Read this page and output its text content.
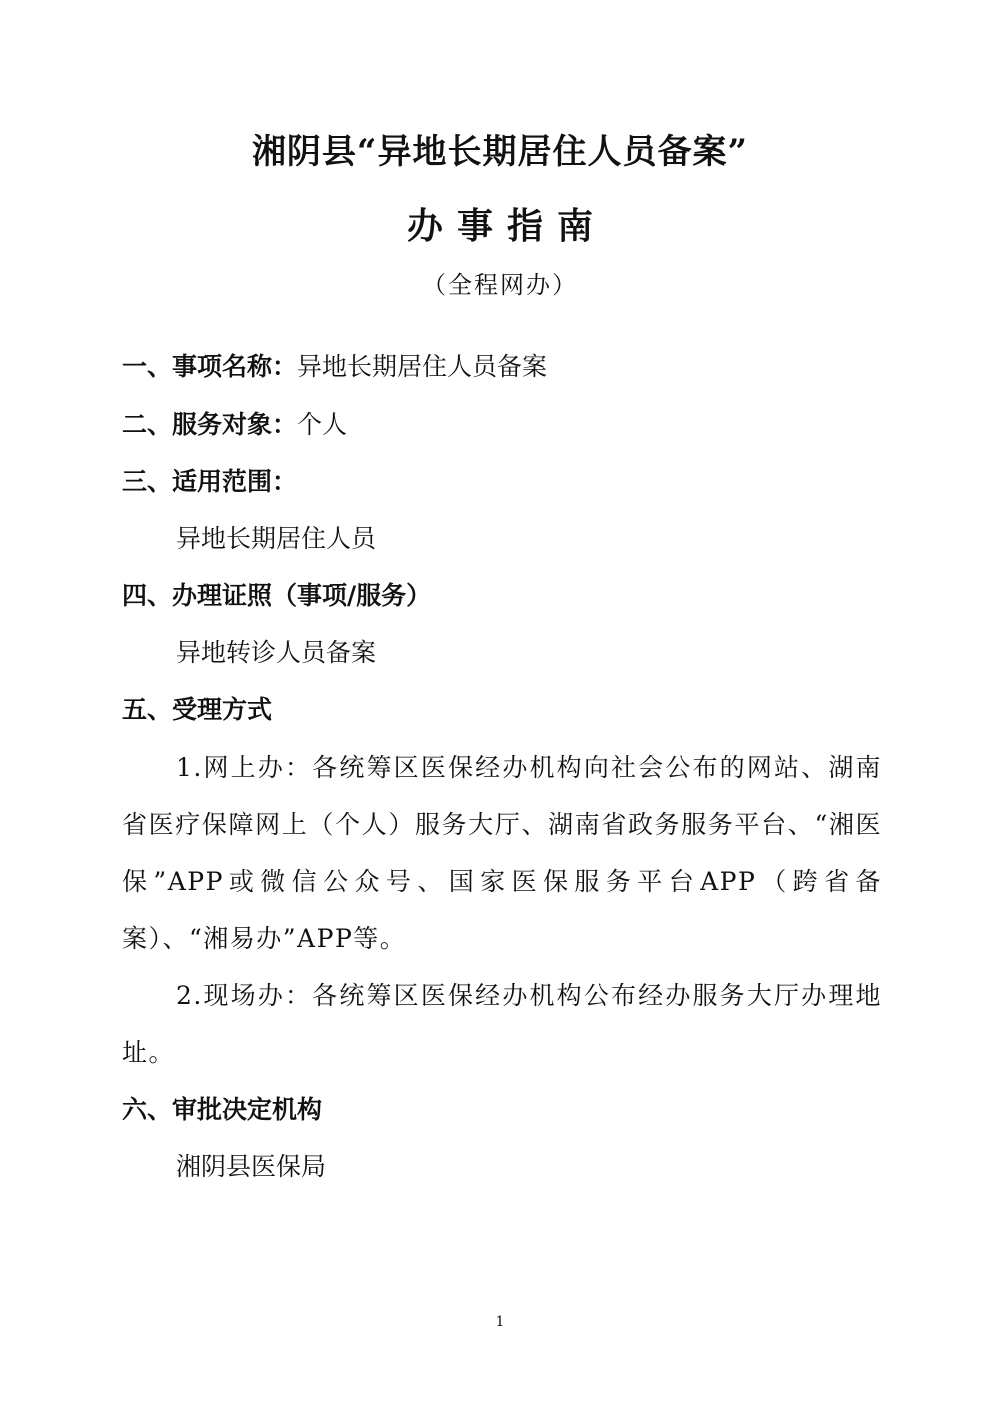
湘阴县“异地长期居住人员备案”
办事指南
（全程网办）
一、事项名称：异地长期居住人员备案
二、服务对象：个人
三、适用范围：
异地长期居住人员
四、办理证照（事项/服务）
异地转诊人员备案
五、受理方式
1.网上办：各统筹区医保经办机构向社会公布的网站、湖南省医疗保障网上（个人）服务大厅、湖南省政务服务平台、“湘医保”APP或微信公众号、国家医保服务平台APP（跨省备案）、“湘易办”APP等。
2.现场办：各统筹区医保经办机构公布经办服务大厅办理地址。
六、审批决定机构
湘阴县医保局
1
